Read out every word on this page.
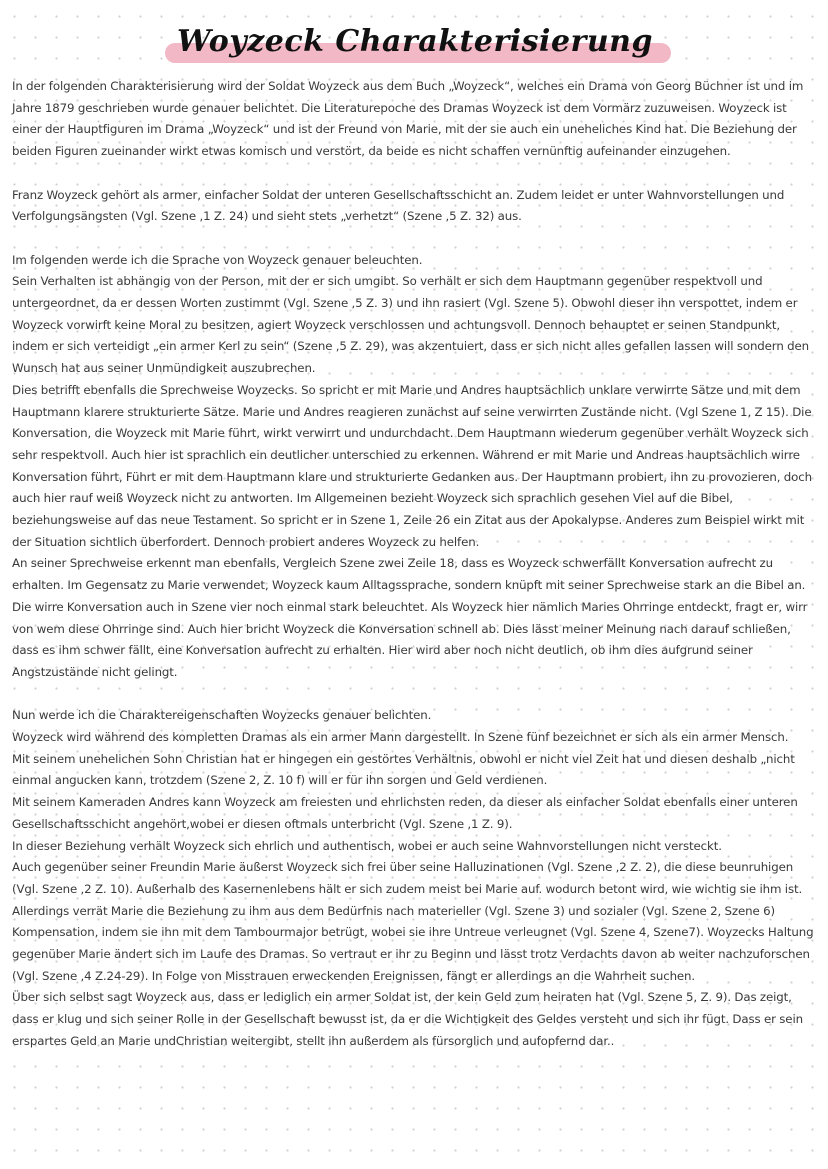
Woyzeck Charakterisierung

In der folgenden Charakterisierung wird der Soldat Woyzeck aus dem Buch „Woyzeck“, welches ein Drama von Georg Büchner ist und im Jahre 1879 geschrieben wurde genauer belichtet. Die Literaturepoche des Dramas Woyzeck ist dem Vormärz zuzuweisen. Woyzeck ist einer der Hauptfiguren im Drama „Woyzeck“ und ist der Freund von Marie, mit der sie auch ein uneheliches Kind hat. Die Beziehung der beiden Figuren zueinander wirkt etwas komisch und verstört, da beide es nicht schaffen vernünftig aufeinander einzugehen.

Franz Woyzeck gehört als armer, einfacher Soldat der unteren Gesellschaftsschicht an. Zudem leidet er unter Wahnvorstellungen und Verfolgungsängsten (Vgl. Szene ,1 Z. 24) und sieht stets „verhetzt“ (Szene ,5 Z. 32) aus.

Im folgenden werde ich die Sprache von Woyzeck genauer beleuchten.

Sein Verhalten ist abhängig von der Person, mit der er sich umgibt. So verhält er sich dem Hauptmann gegenüber respektvoll und untergeordnet, da er dessen Worten zustimmt (Vgl. Szene ,5 Z. 3) und ihn rasiert (Vgl. Szene 5). Obwohl dieser ihn verspottet, indem er Woyzeck vorwirft keine Moral zu besitzen, agiert Woyzeck verschlossen und achtungsvoll. Dennoch behauptet er seinen Standpunkt, indem er sich verteidigt „ein armer Kerl zu sein“ (Szene ,5 Z. 29), was akzentuiert, dass er sich nicht alles gefallen lassen will sondern den Wunsch hat aus seiner Unmündigkeit auszubrechen.

Dies betrifft ebenfalls die Sprechweise Woyzecks. So spricht er mit Marie und Andres hauptsächlich unklare verwirrte Sätze und mit dem Hauptmann klarere strukturierte Sätze. Marie und Andres reagieren zunächst auf seine verwirrten Zustände nicht. (Vgl Szene 1, Z 15). Die Konversation, die Woyzeck mit Marie führt, wirkt verwirrt und undurchdacht. Dem Hauptmann wiederum gegenüber verhält Woyzeck sich sehr respektvoll. Auch hier ist sprachlich ein deutlicher unterschied zu erkennen. Während er mit Marie und Andreas hauptsächlich wirre Konversation führt, Führt er mit dem Hauptmann klare und strukturierte Gedanken aus. Der Hauptmann probiert, ihn zu provozieren, doch auch hier rauf weiß Woyzeck nicht zu antworten. Im Allgemeinen bezieht Woyzeck sich sprachlich gesehen Viel auf die Bibel, beziehungsweise auf das neue Testament. So spricht er in Szene 1, Zeile 26 ein Zitat aus der Apokalypse. Anderes zum Beispiel wirkt mit der Situation sichtlich überfordert. Dennoch probiert anderes Woyzeck zu helfen.

An seiner Sprechweise erkennt man ebenfalls, Vergleich Szene zwei Zeile 18, dass es Woyzeck schwerfällt Konversation aufrecht zu erhalten. Im Gegensatz zu Marie verwendet, Woyzeck kaum Alltagssprache, sondern knüpft mit seiner Sprechweise stark an die Bibel an.

Die wirre Konversation auch in Szene vier noch einmal stark beleuchtet. Als Woyzeck hier nämlich Maries Ohrringe entdeckt, fragt er, wirr von wem diese Ohrringe sind. Auch hier bricht Woyzeck die Konversation schnell ab. Dies lässt meiner Meinung nach darauf schließen, dass es ihm schwer fällt, eine Konversation aufrecht zu erhalten. Hier wird aber noch nicht deutlich, ob ihm dies aufgrund seiner Angstzustände nicht gelingt.

Nun werde ich die Charaktereigenschaften Woyzecks genauer belichten.

Woyzeck wird während des kompletten Dramas als ein armer Mann dargestellt. In Szene fünf bezeichnet er sich als ein armer Mensch.

Mit seinem unehelichen Sohn Christian hat er hingegen ein gestörtes Verhältnis, obwohl er nicht viel Zeit hat und diesen deshalb „nicht einmal angucken kann, trotzdem (Szene 2, Z. 10 f) will er für ihn sorgen und Geld verdienen.

Mit seinem Kameraden Andres kann Woyzeck am freiesten und ehrlichsten reden, da dieser als einfacher Soldat ebenfalls einer unteren Gesellschaftsschicht angehört,wobei er diesen oftmals unterbricht (Vgl. Szene ,1 Z. 9).

In dieser Beziehung verhält Woyzeck sich ehrlich und authentisch, wobei er auch seine Wahnvorstellungen nicht versteckt.

Auch gegenüber seiner Freundin Marie äußerst Woyzeck sich frei über seine Halluzinationen (Vgl. Szene ,2 Z. 2), die diese beunruhigen (Vgl. Szene ,2 Z. 10). Außerhalb des Kasernenlebens hält er sich zudem meist bei Marie auf. wodurch betont wird, wie wichtig sie ihm ist. Allerdings verrät Marie die Beziehung zu ihm aus dem Bedürfnis nach materieller (Vgl. Szene 3) und sozialer (Vgl. Szene 2, Szene 6) Kompensation, indem sie ihn mit dem Tambourmajor betrügt, wobei sie ihre Untreue verleugnet (Vgl. Szene 4, Szene7). Woyzecks Haltung gegenüber Marie ändert sich im Laufe des Dramas. So vertraut er ihr zu Beginn und lässt trotz Verdachts davon ab weiter nachzuforschen (Vgl. Szene ,4 Z.24-29). In Folge von Misstrauen erweckenden Ereignissen, fängt er allerdings an die Wahrheit suchen.

Über sich selbst sagt Woyzeck aus, dass er lediglich ein armer Soldat ist, der kein Geld zum heiraten hat (Vgl. Szene 5, Z. 9). Das zeigt, dass er klug und sich seiner Rolle in der Gesellschaft bewusst ist, da er die Wichtigkeit des Geldes versteht und sich ihr fügt. Dass er sein erspartes Geld an Marie undChristian weitergibt, stellt ihn außerdem als fürsorglich und aufopfernd dar..
